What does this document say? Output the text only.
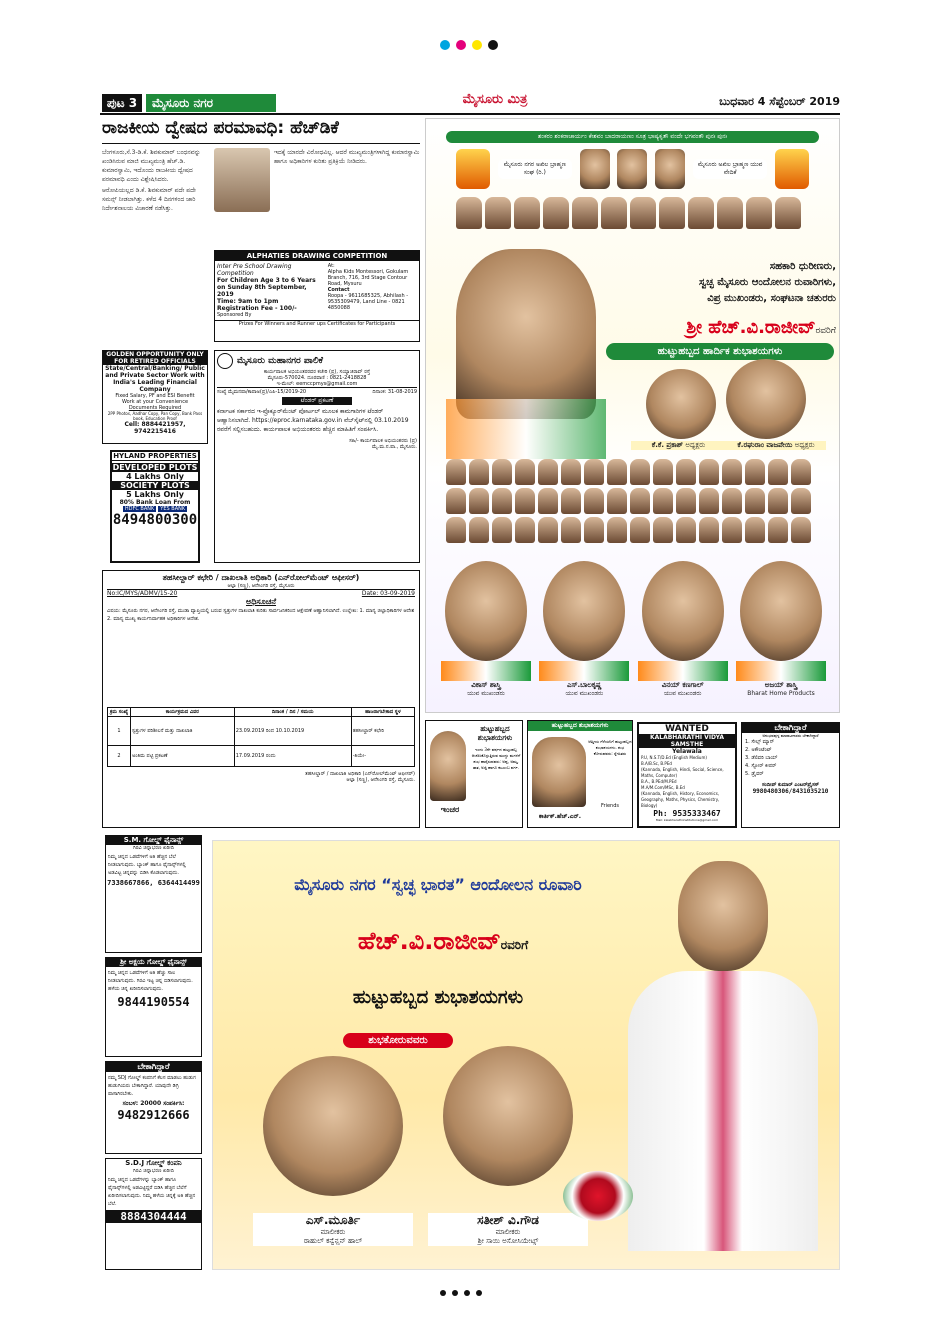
ಪುಟ 3	ಮೈಸೂರು ನಗರ	ಮೈಸೂರು ಮಿತ್ರ	ಬುಧವಾರ 4 ಸೆಪ್ಟೆಂಬರ್ 2019
ರಾಜಕೀಯ ದ್ವೇಷದ ಪರಮಾವಧಿ: ಹೆಚ್‌ಡಿಕೆ

ಬೆಂಗಳೂರು,ಸೆ.3-ಡಿ.ಕೆ. ಶಿವಕುಮಾರ್ ಬಂಧನವನ್ನು ಖಂಡಿಸಿರುವ ಮಾಜಿ ಮುಖ್ಯಮಂತ್ರಿ ಹೆಚ್.ಡಿ. ಕುಮಾರಸ್ವಾಮಿ, ಇದೊಂದು ರಾಜಕೀಯ ದ್ವೇಷದ ಪರಮಾವಧಿ ಎಂದು ವಿಶ್ಲೇಷಿಸಿದರು.

ಆರೋಪಿಯಲ್ಲದ ಡಿ.ಕೆ. ಶಿವಕುಮಾರ್ ಪದೇ ಪದೇ ಸಮನ್ಸ್ ನೀಡಲಾಗಿತ್ತು. ಕಳೆದ 4 ದಿನಗಳಿಂದ ಜಾರಿ ನಿರ್ದೇಶನಾಲಯ ವಿಚಾರಣೆ ನಡೆಸಿತ್ತು.

ಇದಕ್ಕೆ ಯಾರದೇ ವಿರೋಧವಿಲ್ಲ. ಆದರೆ ಮುಖ್ಯಮಂತ್ರಿಗಳಾಗಿದ್ದ ಕುಮಾರಸ್ವಾಮಿ ಹಾಗೂ ಅಧಿಕಾರಿಗಳ ಕುರಿತು ಪ್ರತಿಕ್ರಿಯೆ ನೀಡಿದರು.

ALPHATIES DRAWING COMPETITION
Inter Pre School Drawing Competition
For Children Age 3 to 6 Years on Sunday 8th September, 2019
Time: 9am to 1pm
Registration Fee - 100/-
Sponsored By
At:
Alpha Kids Montessori, Gokulam Branch, 716, 3rd Stage Contour Road, Mysuru
Contact
Roopa - 9611685325, Abhilash - 9535309479, Land Line - 0821 4850088
Prizes For Winners and Runner ups Certificates for Participants
GOLDEN OPPORTUNITY ONLY FOR RETIRED OFFICIALS
State/Central/Banking/ Public and Private Sector Work with India's Leading Financial Company
Fixed Salary, PF and ESI Benefit
Work at your Convenience
Documents Required
2PP Photos, Aadhar Copy, Pan Copy, Bank Pass book, Education Proof
Cell: 8884421957, 9742215416
HYLAND PROPERTIES
DEVELOPED PLOTS
4 Lakhs Only
SOCIETY PLOTS
5 Lakhs Only
80% Bank Loan From
HDFC BANK	YES BANK
8494800300
ಮೈಸೂರು ಮಹಾನಗರ ಪಾಲಿಕೆ
ಕಾರ್ಯಪಾಲಕ ಅಭಿಯಂತರರವರ ಕಚೇರಿ (ಪ್ರ), ಸಯ್ಯಾಜಿರಾವ್ ರಸ್ತೆ
ಮೈಸೂರು-570024. ದೂರವಾಣಿ : 0821-2418828
ಇ-ಮೇಲ್: eemccpmys@gmail.com
ಸಂಖ್ಯೆ ಮೈಮನಪಾ/ಕಾಪಾಅ(ಪ್ರ)/ಎಪಿ-15/2019-20	ದಿನಾಂಕ: 31-08-2019
ಟೆಂಡರ್ ಪ್ರಕಟಣೆ
ಕರ್ನಾಟಕ ಸರ್ಕಾರದ ಇ-ಪ್ರೊಕ್ಯೂರ್‌ಮೆಂಟ್ ಪೋರ್ಟಲ್ ಮೂಲಕ ಕಾಮಗಾರಿಗಳ ಟೆಂಡರ್ ಆಹ್ವಾನಿಸಲಾಗಿದೆ. https://eproc.karnataka.gov.in ವೆಬ್‌ಸೈಟ್‌ನಲ್ಲಿ 03.10.2019 ರವರೆಗೆ ಸಲ್ಲಿಸಬಹುದು. ಕಾರ್ಯಪಾಲಕ ಅಭಿಯಂತರರು ಹೆಚ್ಚಿನ ಮಾಹಿತಿಗೆ ಸಂಪರ್ಕಿಸಿ.
ಸಹಿ/- ಕಾರ್ಯಪಾಲಕ ಅಭಿಯಂತರರು (ಪ್ರ)
ಮೈ.ಮ.ನ.ಪಾ., ಮೈಸೂರು.
ತಹಸೀಲ್ದಾರ್ ಕಛೇರಿ / ದಾಖಲಾತಿ ಅಧಿಕಾರಿ (ಎನ್‌ರೋಲ್‌ಮೆಂಟ್ ಆಫೀಸರ್)
ಆಲ್ಪಾ (ಸಣ್ಣ), ಆನೆಸಿಂಗರಿ ರಸ್ತೆ, ಮೈಸೂರು
No:IC/MYS/ADMV/15-20	Date: 03-09-2019
ಅಧಿಸೂಚನೆ
ವಿಷಯ: ಮೈಸೂರು ನಗರ, ಆನೆಸಿಂಗರಿ ರಸ್ತೆ, ಮುಡಾ ವ್ಯಾಪ್ತಿಯಲ್ಲಿ ಬರುವ ಸ್ವತ್ತುಗಳ ದಾಖಲಾತಿ ಕುರಿತು ಸಾರ್ವಜನಿಕರಿಂದ ಆಕ್ಷೇಪಣೆ ಆಹ್ವಾನಿಸಲಾಗಿದೆ. ಉಲ್ಲೇಖ: 1. ಮಾನ್ಯ ಜಿಲ್ಲಾಧಿಕಾರಿಗಳ ಆದೇಶ 2. ಮಾನ್ಯ ಮುಖ್ಯ ಕಾರ್ಯನಿರ್ವಾಹಕ ಅಧಿಕಾರಿಗಳ ಆದೇಶ.
ಕ್ರಮ ಸಂಖ್ಯೆ	ಕಾರ್ಯಕ್ರಮದ ವಿವರ	ದಿನಾಂಕ / ದಿನ / ಸಮಯ	ಹಾಜರಾಗಬೇಕಾದ ಸ್ಥಳ
1	ಸ್ವತ್ತುಗಳ ಪರಿಶೀಲನೆ ಮತ್ತು ದಾಖಲಾತಿ	23.09.2019 ರಿಂದ 10.10.2019	ತಹಸೀಲ್ದಾರ್ ಕಛೇರಿ
2	ಅಂತಿಮ ಪಟ್ಟಿ ಪ್ರಕಟಣೆ	17.09.2019 ರಂದು	-ತಿಯೇ-
ತಹಸೀಲ್ದಾರ್ / ದಾಖಲಾತಿ ಅಧಿಕಾರಿ (ಎನ್‌ರೋಲ್‌ಮೆಂಟ್ ಆಫೀಸರ್)
ಆಲ್ಪಾ (ಸಣ್ಣ), ಆನೆಸಿಂಗರಿ ರಸ್ತೆ, ಮೈಸೂರು.
ಶಂಕರಂ ಶಂಕರಾಚಾರ್ಯಂ ಕೇಶವಂ ಬಾದರಾಯಣಂ ಸೂತ್ರ ಭಾಷ್ಯಕೃತೌ ವಂದೇ ಭಗವಂತೌ ಪುನಃ ಪುನಃ
ಮೈಸೂರು ನಗರ ಅಖಿಲ ಬ್ರಾಹ್ಮಣ ಸಂಘ (ರಿ.)
ಮೈಸೂರು ಅಖಿಲ ಬ್ರಾಹ್ಮಣ ಯುವ ವೇದಿಕೆ
ಸಹಕಾರಿ ಧುರೀಣರು,
ಸ್ವಚ್ಛ ಮೈಸೂರು ಆಂದೋಲನ ರುವಾರಿಗಳು,
ವಿಪ್ರ ಮುಖಂಡರು, ಸಂಘಟನಾ ಚತುರರು
ಶ್ರೀ ಹೆಚ್.ವಿ.ರಾಜೀವ್ರವರಿಗೆ
ಹುಟ್ಟುಹಬ್ಬದ ಹಾರ್ದಿಕ ಶುಭಾಶಯಗಳು
ಕೆ.ಕೆ. ಪ್ರಕಾಶ್ ಅಧ್ಯಕ್ಷರು	ಕೆ.ರಘುರಾಂ ವಾಜಪೇಯಿ ಅಧ್ಯಕ್ಷರು
ವಿಕಾಸ್ ಶಾಸ್ತ್ರಿ
ಯುವ ಮುಖಂಡರು
ಎಸ್.ಬಾಲಕೃಷ್ಣ
ಯುವ ಮುಖಂಡರು
ವಿನಯ್ ಕಣಗಾಲ್
ಯುವ ಮುಖಂಡರು
ಅಜಯ್ ಶಾಸ್ತ್ರಿ
Bharat Home Products
ಹುಟ್ಟುಹಬ್ಬದ ಶುಭಾಶಯಗಳು
ಇಂದು 3ನೇ ವರ್ಷದ ಹುಟ್ಟುಹಬ್ಬ ಆಚರಿಸಿಕೊಳ್ಳುತ್ತಿರುವ ಮುದ್ದು ಮಗಳಿಗೆ ಶುಭ ಹಾರೈಸುವವರು: ಅಪ್ಪ, ಅಮ್ಮ, ತಾತ, ಅಜ್ಜಿ ಹಾಗೂ ಕುಟುಂಬ ವರ್ಗ.
ಇಂಚರ
ಹುಟ್ಟುಹಬ್ಬದ ಶುಭಾಶಯಗಳು
ಆತ್ಮೀಯ ಗೆಳೆಯನಿಗೆ ಹುಟ್ಟುಹಬ್ಬದ ಶುಭಾಶಯಗಳು. ಶುಭ ಕೋರುವವರು: ಸ್ನೇಹಿತರು
Friends
ಕಾರ್ತಿಕ್.ಹೆಚ್.ಎನ್.
WANTED
KALABHARATHI VIDYA SAMSTHE
Yelawala
P.U, N.S.T/D.Ed (English Medium)
B.A/B.Sc, B.PEd
(Kannada, English, Hindi, Social, Science, Maths, Computer)
B.A., B.PEd/M.PEd
M.A/M.Com/MSc, B.Ed
(Kannada, English, History, Economics, Geography, Maths, Physics, Chemistry, Biology)
Ph: 9535333467
Mail: kalabharathiinstitutions@gmail.com
ಬೇಕಾಗಿದ್ದಾರೆ
ಅನುಭವವುಳ್ಳ ಮಾರಾಟಗಾರರು ಬೇಕಾಗಿದ್ದಾರೆ
1. ಸೇಲ್ಸ್ ಮ್ಯಾನ್
2. ಅಕೌಂಟೆಂಟ್
3. ಡೆಲಿವರಿ ಬಾಯ್
4. ಸ್ಟೋರ್ ಕೀಪರ್
5. ಡ್ರೈವರ್
ಸಂದೀಪ್ ಕುಮಾರ್ ಎಂಟರ್‌ಪ್ರೈಸಸ್
9980480306/8431035210
S.M. ಗೋಲ್ಡ್ ಫೈನಾನ್ಸ್
ಗಿರವಿ ಚಿನ್ನಾಭರಣ ಖರೀದಿ
ನಿಮ್ಮ ಚಿನ್ನದ ಒಡವೆಗಳಿಗೆ ಅತಿ ಹೆಚ್ಚಿನ ಬೆಲೆ ನೀಡಲಾಗುವುದು. ಬ್ಯಾಂಕ್ ಹಾಗೂ ಫೈನಾನ್ಸ್‌ಗಳಲ್ಲಿ ಅಡವಿಟ್ಟ ಚಿನ್ನವನ್ನು ಬಿಡಿಸಿ ಕೊಡಲಾಗುವುದು.
7338667866, 6364414499
ಶ್ರೀ ಅಕ್ಷಯ ಗೋಲ್ಡ್ ಫೈನಾನ್ಸ್
ನಿಮ್ಮ ಚಿನ್ನದ ಒಡವೆಗಳಿಗೆ ಅತಿ ಹೆಚ್ಚು ಸಾಲ ನೀಡಲಾಗುವುದು. ಗಿರವಿ ಇಟ್ಟ ಚಿನ್ನ ಬಿಡಿಸಲಾಗುವುದು. ಹಳೆಯ ಚಿನ್ನ ಖರೀದಿಸಲಾಗುವುದು.
9844190554
ಬೇಕಾಗಿದ್ದಾರೆ
ನಮ್ಮ SDJ ಗೋಲ್ಡ್ ಕಂಪನಿಗೆ ಕೆಲಸ ಮಾಡಲು ಹುಡುಗ ಹುಡುಗಿಯರು ಬೇಕಾಗಿದ್ದಾರೆ. ಯಾವುದೇ ಡಿಗ್ರಿ ಪಾಸಾಗಿರಬೇಕು.
ಸಂಬಳ: 20000 ಸಂಪರ್ಕಿಸಿ:
9482912666
S.D.J ಗೋಲ್ಡ್ ಕಂಪನಿ
ಗಿರವಿ ಚಿನ್ನಾಭರಣ ಖರೀದಿ
ನಿಮ್ಮ ಚಿನ್ನದ ಒಡವೆಗಳನ್ನು ಬ್ಯಾಂಕ್ ಹಾಗೂ ಫೈನಾನ್ಸ್‌ಗಳಲ್ಲಿ ಅಡವಿಟ್ಟಿದ್ದರೆ ಬಿಡಿಸಿ ಹೆಚ್ಚಿನ ಬೆಲೆಗೆ ಖರೀದಿಸಲಾಗುವುದು. ನಿಮ್ಮ ಹಳೆಯ ಚಿನ್ನಕ್ಕೆ ಅತಿ ಹೆಚ್ಚಿನ ಬೆಲೆ.
8884304444
ಮೈಸೂರು ನಗರ “ಸ್ವಚ್ಛ ಭಾರತ” ಆಂದೋಲನ ರೂವಾರಿ
ಹೆಚ್.ವಿ.ರಾಜೀವ್ರವರಿಗೆ
ಹುಟ್ಟುಹಬ್ಬದ ಶುಭಾಶಯಗಳು
ಶುಭಕೋರುವವರು
ಎಸ್.ಮೂರ್ತಿ
ಮಾಲೀಕರು
ರಾಹುಲ್ ಕನ್ವೆನ್ಷನ್ ಹಾಲ್
ಸತೀಶ್ ವಿ.ಗೌಡ
ಮಾಲೀಕರು
ಶ್ರೀ ಸಾಯಿ ಅಸೋಸಿಯೇಟ್ಸ್
